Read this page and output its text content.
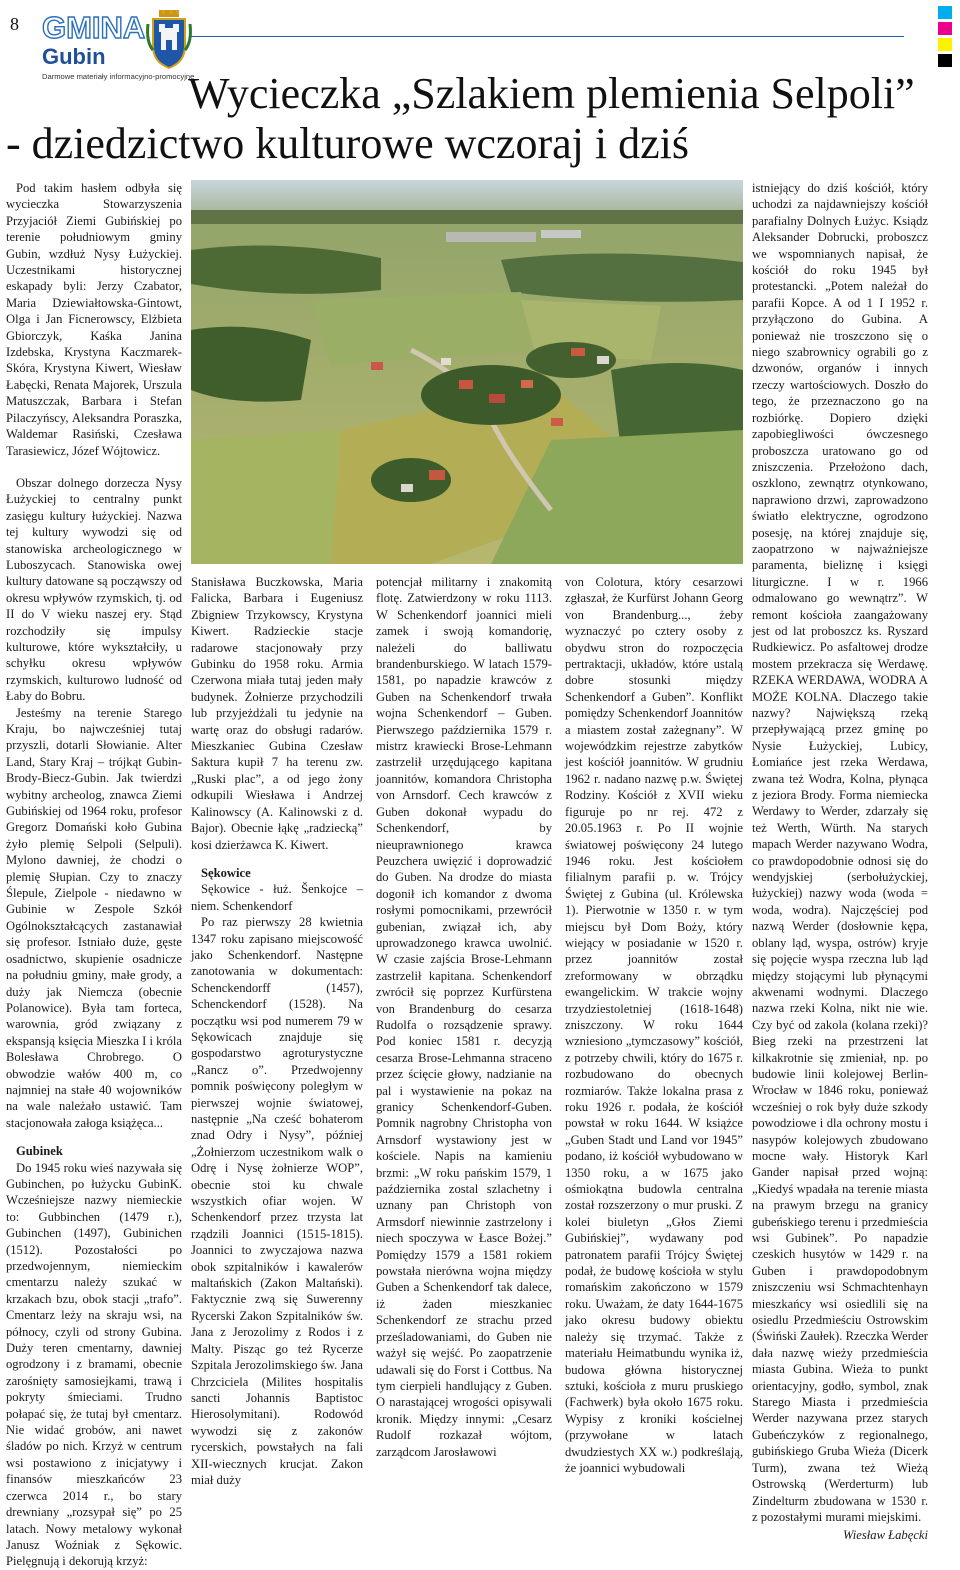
8 GMINA
Gubin
Darmowe materiały informacyjno-promocyjne
Wycieczka „Szlakiem plemienia Selpoli”
- dziedzictwo kulturowe wczoraj i dziś

Pod takim hasłem odbyła się wycieczka Stowarzyszenia Przyjaciół Ziemi Gubińskiej po terenie południowym gminy Gubin, wzdłuż Nysy Łużyckiej. Uczestnikami historycznej eskapady byli: Jerzy Czabator, Maria Dziewiałtowska-Gintowt, Olga i Jan Ficnerowscy, Elżbieta Gbiorczyk, Kaśka Janina Izdebska, Krystyna Kaczmarek-Skóra, Krystyna Kiwert, Wiesław Łabęcki, Renata Majorek, Urszula Matuszczak, Barbara i Stefan Pilaczyńscy, Aleksandra Poraszka, Waldemar Rasiński, Czesława Tarasiewicz, Józef Wójtowicz.

Obszar dolnego dorzecza Nysy Łużyckiej to centralny punkt zasięgu kultury łużyckiej. Nazwa tej kultury wywodzi się od stanowiska archeologicznego w Luboszycach. Stanowiska owej kultury datowane są począwszy od okresu wpływów rzymskich, tj. od II do V wieku naszej ery. Stąd rozchodziły się impulsy kulturowe, które wykształciły, u schyłku okresu wpływów rzymskich, kulturowo ludność od Łaby do Bobru.

Jesteśmy na terenie Starego Kraju, bo najwcześniej tutaj przyszli, dotarli Słowianie. Alter Land, Stary Kraj – trójkąt Gubin-Brody-Biecz-Gubin. Jak twierdzi wybitny archeolog, znawca Ziemi Gubińskiej od 1964 roku, profesor Gregorz Domański koło Gubina żyło plemię Selpoli (Selpuli). Mylono dawniej, że chodzi o plemię Słupian. Czy to znaczy Ślepule, Zielpole - niedawno w Gubinie w Zespole Szkół Ogólnokształcących zastanawiał się profesor. Istniało duże, gęste osadnictwo, skupienie osadnicze na południu gminy, małe grody, a duży jak Niemcza (obecnie Polanowice). Była tam forteca, warownia, gród związany z ekspansją księcia Mieszka I i króla Bolesława Chrobrego. O obwodzie wałów 400 m, co najmniej na stałe 40 wojowników na wale należało ustawić. Tam stacjonowała załoga książęca...

Gubinek

Do 1945 roku wieś nazywała się Gubinchen, po łużycku GubinK. Wcześniejsze nazwy niemieckie to: Gubbinchen (1479 r.), Gubinchen (1497), Gubinichen (1512). Pozostałości po przedwojennym, niemieckim cmentarzu należy szukać w krzakach bzu, obok stacji „trafo”. Cmentarz leży na skraju wsi, na północy, czyli od strony Gubina. Duży teren cmentarny, dawniej ogrodzony i z bramami, obecnie zarośnięty samosiejkami, trawą i pokryty śmieciami. Trudno połapać się, że tutaj był cmentarz. Nie widać grobów, ani nawet śladów po nich. Krzyż w centrum wsi postawiono z inicjatywy i finansów mieszkańców 23 czerwca 2014 r., bo stary drewniany „rozsypał się” po 25 latach. Nowy metalowy wykonał Janusz Woźniak z Sękowic. Pielęgnują i dekorują krzyż:

Stanisława Buczkowska, Maria Falicka, Barbara i Eugeniusz Zbigniew Trzykowscy, Krystyna Kiwert. Radzieckie stacje radarowe stacjonowały przy Gubinku do 1958 roku. Armia Czerwona miała tutaj jeden mały budynek. Żołnierze przychodzili lub przyjeżdżali tu jedynie na wartę oraz do obsługi radarów. Mieszkaniec Gubina Czesław Saktura kupił 7 ha terenu zw. „Ruski plac”, a od jego żony odkupili Wiesława i Andrzej Kalinowscy (A. Kalinowski z d. Bajor). Obecnie łąkę „radziecką” kosi dzierżawca K. Kiwert.

Sękowice

Sękowice - łuż. Šenkojce – niem. Schenkendorf

Po raz pierwszy 28 kwietnia 1347 roku zapisano miejscowość jako Schenkendorf. Następne zanotowania w dokumentach: Schenckendorff (1457), Schenckendorf (1528). Na początku wsi pod numerem 79 w Sękowicach znajduje się gospodarstwo agroturystyczne „Rancz o”. Przedwojenny pomnik poświęcony poległym w pierwszej wojnie światowej, następnie „Na cześć bohaterom znad Odry i Nysy”, później „Żołnierzom uczestnikom walk o Odrę i Nysę żołnierze WOP”, obecnie stoi ku chwale wszystkich ofiar wojen. W Schenkendorf przez trzysta lat rządzili Joannici (1515-1815). Joannici to zwyczajowa nazwa obok szpitalników i kawalerów maltańskich (Zakon Maltański). Faktycznie zwą się Suwerenny Rycerski Zakon Szpitalników św. Jana z Jerozolimy z Rodos i z Malty. Pisząc go też Rycerze Szpitala Jerozolimskiego św. Jana Chrzciciela (Milites hospitalis sancti Johannis Baptistoc Hierosolymitani). Rodowód wywodzi się z zakonów rycerskich, powstałych na fali XII-wiecznych krucjat. Zakon miał duży

potencjał militarny i znakomitą flotę. Zatwierdzony w roku 1113. W Schenkendorf joannici mieli zamek i swoją komandorię, należeli do balliwatu brandenburskiego. W latach 1579-1581, po napadzie krawców z Guben na Schenkendorf trwała wojna Schenkendorf – Guben. Pierwszego października 1579 r. mistrz krawiecki Brose-Lehmann zastrzelił urzędującego kapitana joannitów, komandora Christopha von Arnsdorf. Cech krawców z Guben dokonał wypadu do Schenkendorf, by nieuprawnionego krawca Peuzchera uwięzić i doprowadzić do Guben. Na drodze do miasta dogonił ich komandor z dwoma rosłymi pomocnikami, przewrócił gubenian, związał ich, aby uprowadzonego krawca uwolnić. W czasie zajścia Brose-Lehmann zastrzelił kapitana. Schenkendorf zwrócił się poprzez Kurfürstena von Brandenburg do cesarza Rudolfa o rozsądzenie sprawy. Pod koniec 1581 r. decyzją cesarza Brose-Lehmanna straceno przez ścięcie głowy, nadzianie na pal i wystawienie na pokaz na granicy Schenkendorf-Guben. Pomnik nagrobny Christopha von Arnsdorf wystawiony jest w kościele. Napis na kamieniu brzmi: „W roku pańskim 1579, 1 października zostal szlachetny i uznany pan Christoph von Armsdorf niewinnie zastrzelony i niech spoczywa w Łasce Bożej.” Pomiędzy 1579 a 1581 rokiem powstała nierówna wojna między Guben a Schenkendorf tak dalece, iż żaden mieszkaniec Schenkendorf ze strachu przed prześladowaniami, do Guben nie ważył się wejść. Po zaopatrzenie udawali się do Forst i Cottbus. Na tym cierpieli handlujący z Guben. O narastającej wrogości opisywali kronik. Między innymi: „Cesarz Rudolf rozkazał wójtom, zarządcom Jarosławowi

von Colotura, który cesarzowi zgłaszał, że Kurfürst Johann Georg von Brandenburg..., żeby wyznaczyć po cztery osoby z obydwu stron do rozpoczęcia pertraktacji, układów, które ustalą dobre stosunki między Schenkendorf a Guben”. Konflikt pomiędzy Schenkendorf Joannitów a miastem został zażegnany”. W wojewódzkim rejestrze zabytków jest kościół joannitów. W grudniu 1962 r. nadano nazwę p.w. Świętej Rodziny. Kościół z XVII wieku figuruje po nr rej. 472 z 20.05.1963 r. Po II wojnie światowej poświęcony 24 lutego 1946 roku. Jest kościołem filialnym parafii p. w. Trójcy Świętej z Gubina (ul. Królewska 1). Pierwotnie w 1350 r. w tym miejscu był Dom Boży, który wiejący w posiadanie w 1520 r. przez joannitów został zreformowany w obrządku ewangelickim. W trakcie wojny trzydziestoletniej (1618-1648) zniszczony. W roku 1644 wzniesiono „tymczasowy” kościół, z potrzeby chwili, który do 1675 r. rozbudowano do obecnych rozmiarów. Także lokalna prasa z roku 1926 r. podała, że kościół powstał w roku 1644. W książce „Guben Stadt und Land vor 1945” podano, iż kościół wybudowano w 1350 roku, a w 1675 jako ośmiokątna budowla centralna został rozszerzony o mur pruski. Z kolei biuletyn „Głos Ziemi Gubińskiej”, wydawany pod patronatem parafii Trójcy Świętej podał, że budowę kościoła w stylu romańskim zakończono w 1579 roku. Uważam, że daty 1644-1675 jako okresu budowy obiektu należy się trzymać. Także z materiału Heimatbundu wynika iż, budowa główna historycznej sztuki, kościoła z muru pruskiego (Fachwerk) była około 1675 roku. Wypisy z kroniki kościelnej (przywołane w latach dwudziestych XX w.) podkreślają, że joannici wybudowali

istniejący do dziś kościół, który uchodzi za najdawniejszy kościół parafialny Dolnych Łużyc. Ksiądz Aleksander Dobrucki, proboszcz we wspomnianych napisał, że kościół do roku 1945 był protestancki. „Potem należał do parafii Kopce. A od 1 I 1952 r. przyłączono do Gubina. A ponieważ nie troszczono się o niego szabrownicy ograbili go z dzwonów, organów i innych rzeczy wartościowych. Doszło do tego, że przeznaczono go na rozbiórkę. Dopiero dzięki zapobiegliwości ówczesnego proboszcza uratowano go od zniszczenia. Przełożono dach, oszklono, zewnątrz otynkowano, naprawiono drzwi, zaprowadzono światło elektryczne, ogrodzono posesję, na której znajduje się, zaopatrzono w najważniejsze paramenta, bieliznę i księgi liturgiczne. I w r. 1966 odmalowano go wewnątrz”. W remont kościoła zaangażowany jest od lat proboszcz ks. Ryszard Rudkiewicz. Po asfaltowej drodze mostem przekracza się Werdawę. RZEKA WERDAWA, WODRA A MOŻE KOLNA. Dlaczego takie nazwy? Największą rzeką przepływającą przez gminę po Nysie Łużyckiej, Lubicy, Łomiańce jest rzeka Werdawa, zwana też Wodra, Kolna, płynąca z jeziora Brody. Forma niemiecka Werdawy to Werder, zdarzały się też Werth, Würth. Na starych mapach Werder nazywano Wodra, co prawdopodobnie odnosi się do wendyjskiej (serbołużyckiej, łużyckiej) nazwy woda (woda = woda, wodra). Najczęściej pod nazwą Werder (dosłownie kępa, oblany ląd, wyspa, ostrów) kryje się pojęcie wyspa rzeczna lub ląd między stojącymi lub płynącymi akwenami wodnymi. Dlaczego nazwa rzeki Kolna, nikt nie wie. Czy być od zakola (kolana rzeki)? Bieg rzeki na przestrzeni lat kilkakrotnie się zmieniał, np. po budowie linii kolejowej Berlin-Wrocław w 1846 roku, ponieważ wcześniej o rok były duże szkody powodziowe i dla ochrony mostu i nasypów kolejowych zbudowano mocne wały. Historyk Karl Gander napisał przed wojną: „Kiedyś wpadała na terenie miasta na prawym brzegu na granicy gubeńskiego terenu i przedmieścia wsi Gubinek”. Po napadzie czeskich husytów w 1429 r. na Guben i prawdopodobnym zniszczeniu wsi Schmachtenhayn mieszkańcy wsi osiedlili się na osiedlu Przedmieściu Ostrowskim (Świński Zaułek). Rzeczka Werder dała nazwę wieży przedmieścia miasta Gubina. Wieża to punkt orientacyjny, godło, symbol, znak Starego Miasta i przedmieścia Werder nazywana przez starych Gubeńczyków z regionalnego, gubińskiego Gruba Wieża (Dicerk Turm), zwana też Wieżą Ostrowską (Werderturm) lub Zindelturm zbudowana w 1530 r. z pozostałymi murami miejskimi.

Wiesław Łabęcki
